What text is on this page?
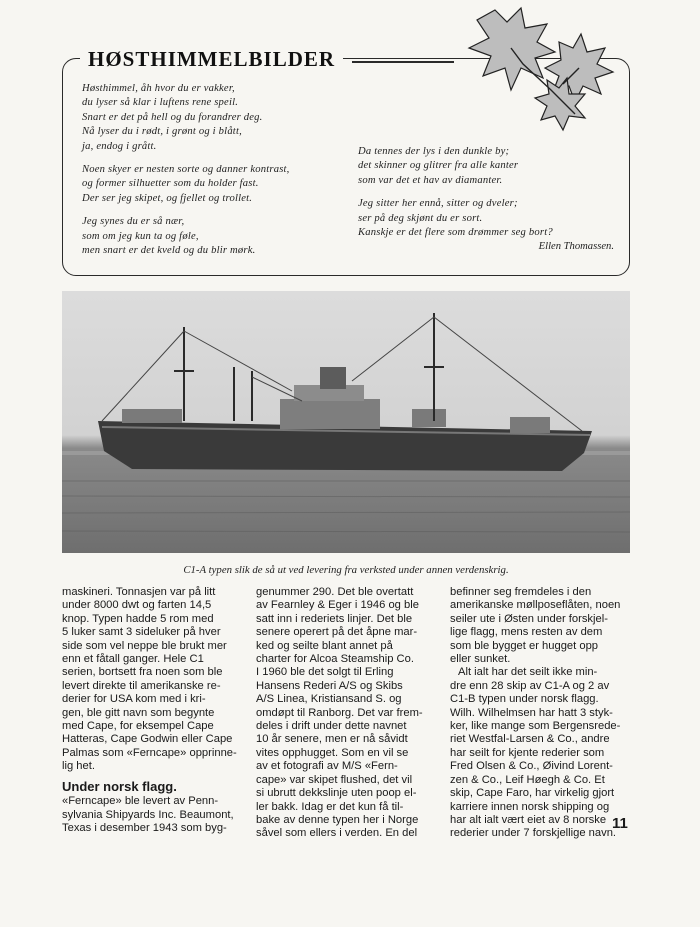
HØSTHIMMELBILDER
Høsthimmel, åh hvor du er vakker,
du lyser så klar i luftens rene speil.
Snart er det på hell og du forandrer deg.
Nå lyser du i rødt, i grønt og i blått,
ja, endog i grått.
Noen skyer er nesten sorte og danner kontrast,
og former silhuetter som du holder fast.
Der ser jeg skipet, og fjellet og trollet.
Jeg synes du er så nær,
som om jeg kun ta og føle,
men snart er det kveld og du blir mørk.
Da tennes der lys i den dunkle by;
det skinner og glitrer fra alle kanter
som var det et hav av diamanter.
Jeg sitter her ennå, sitter og dveler;
ser på deg skjønt du er sort.
Kanskje er det flere som drømmer seg bort?
Ellen Thomassen.
C1-A typen slik de så ut ved levering fra verksted under annen verdenskrig.
maskineri. Tonnasjen var på litt
under 8000 dwt og farten 14,5
knop. Typen hadde 5 rom med
5 luker samt 3 sideluker på hver
side som vel neppe ble brukt mer
enn et fåtall ganger. Hele C1
serien, bortsett fra noen som ble
levert direkte til amerikanske re-
derier for USA kom med i kri-
gen, ble gitt navn som begynte
med Cape, for eksempel Cape
Hatteras, Cape Godwin eller Cape
Palmas som «Ferncape» opprinne-
lig het.
Under norsk flagg.
«Ferncape» ble levert av Penn-
sylvania Shipyards Inc. Beaumont,
Texas i desember 1943 som byg-
genummer 290. Det ble overtatt
av Fearnley & Eger i 1946 og ble
satt inn i rederiets linjer. Det ble
senere operert på det åpne mar-
ked og seilte blant annet på
charter for Alcoa Steamship Co.
I 1960 ble det solgt til Erling
Hansens Rederi A/S og Skibs
A/S Linea, Kristiansand S. og
omdøpt til Ranborg. Det var frem-
deles i drift under dette navnet
10 år senere, men er nå såvidt
vites opphugget. Som en vil se
av et fotografi av M/S «Fern-
cape» var skipet flushed, det vil
si ubrutt dekkslinje uten poop el-
ler bakk. Idag er det kun få til-
bake av denne typen her i Norge
såvel som ellers i verden. En del
befinner seg fremdeles i den
amerikanske møllposeflåten, noen
seiler ute i Østen under forskjel-
lige flagg, mens resten av dem
som ble bygget er hugget opp
eller sunket.
Alt ialt har det seilt ikke min-
dre enn 28 skip av C1-A og 2 av
C1-B typen under norsk flagg.
Wilh. Wilhelmsen har hatt 3 styk-
ker, like mange som Bergensrede-
riet Westfal-Larsen & Co., andre
har seilt for kjente rederier som
Fred Olsen & Co., Øivind Lorent-
zen & Co., Leif Høegh & Co. Et
skip, Cape Faro, har virkelig gjort
karriere innen norsk shipping og
har alt ialt vært eiet av 8 norske
rederier under 7 forskjellige navn.
11
